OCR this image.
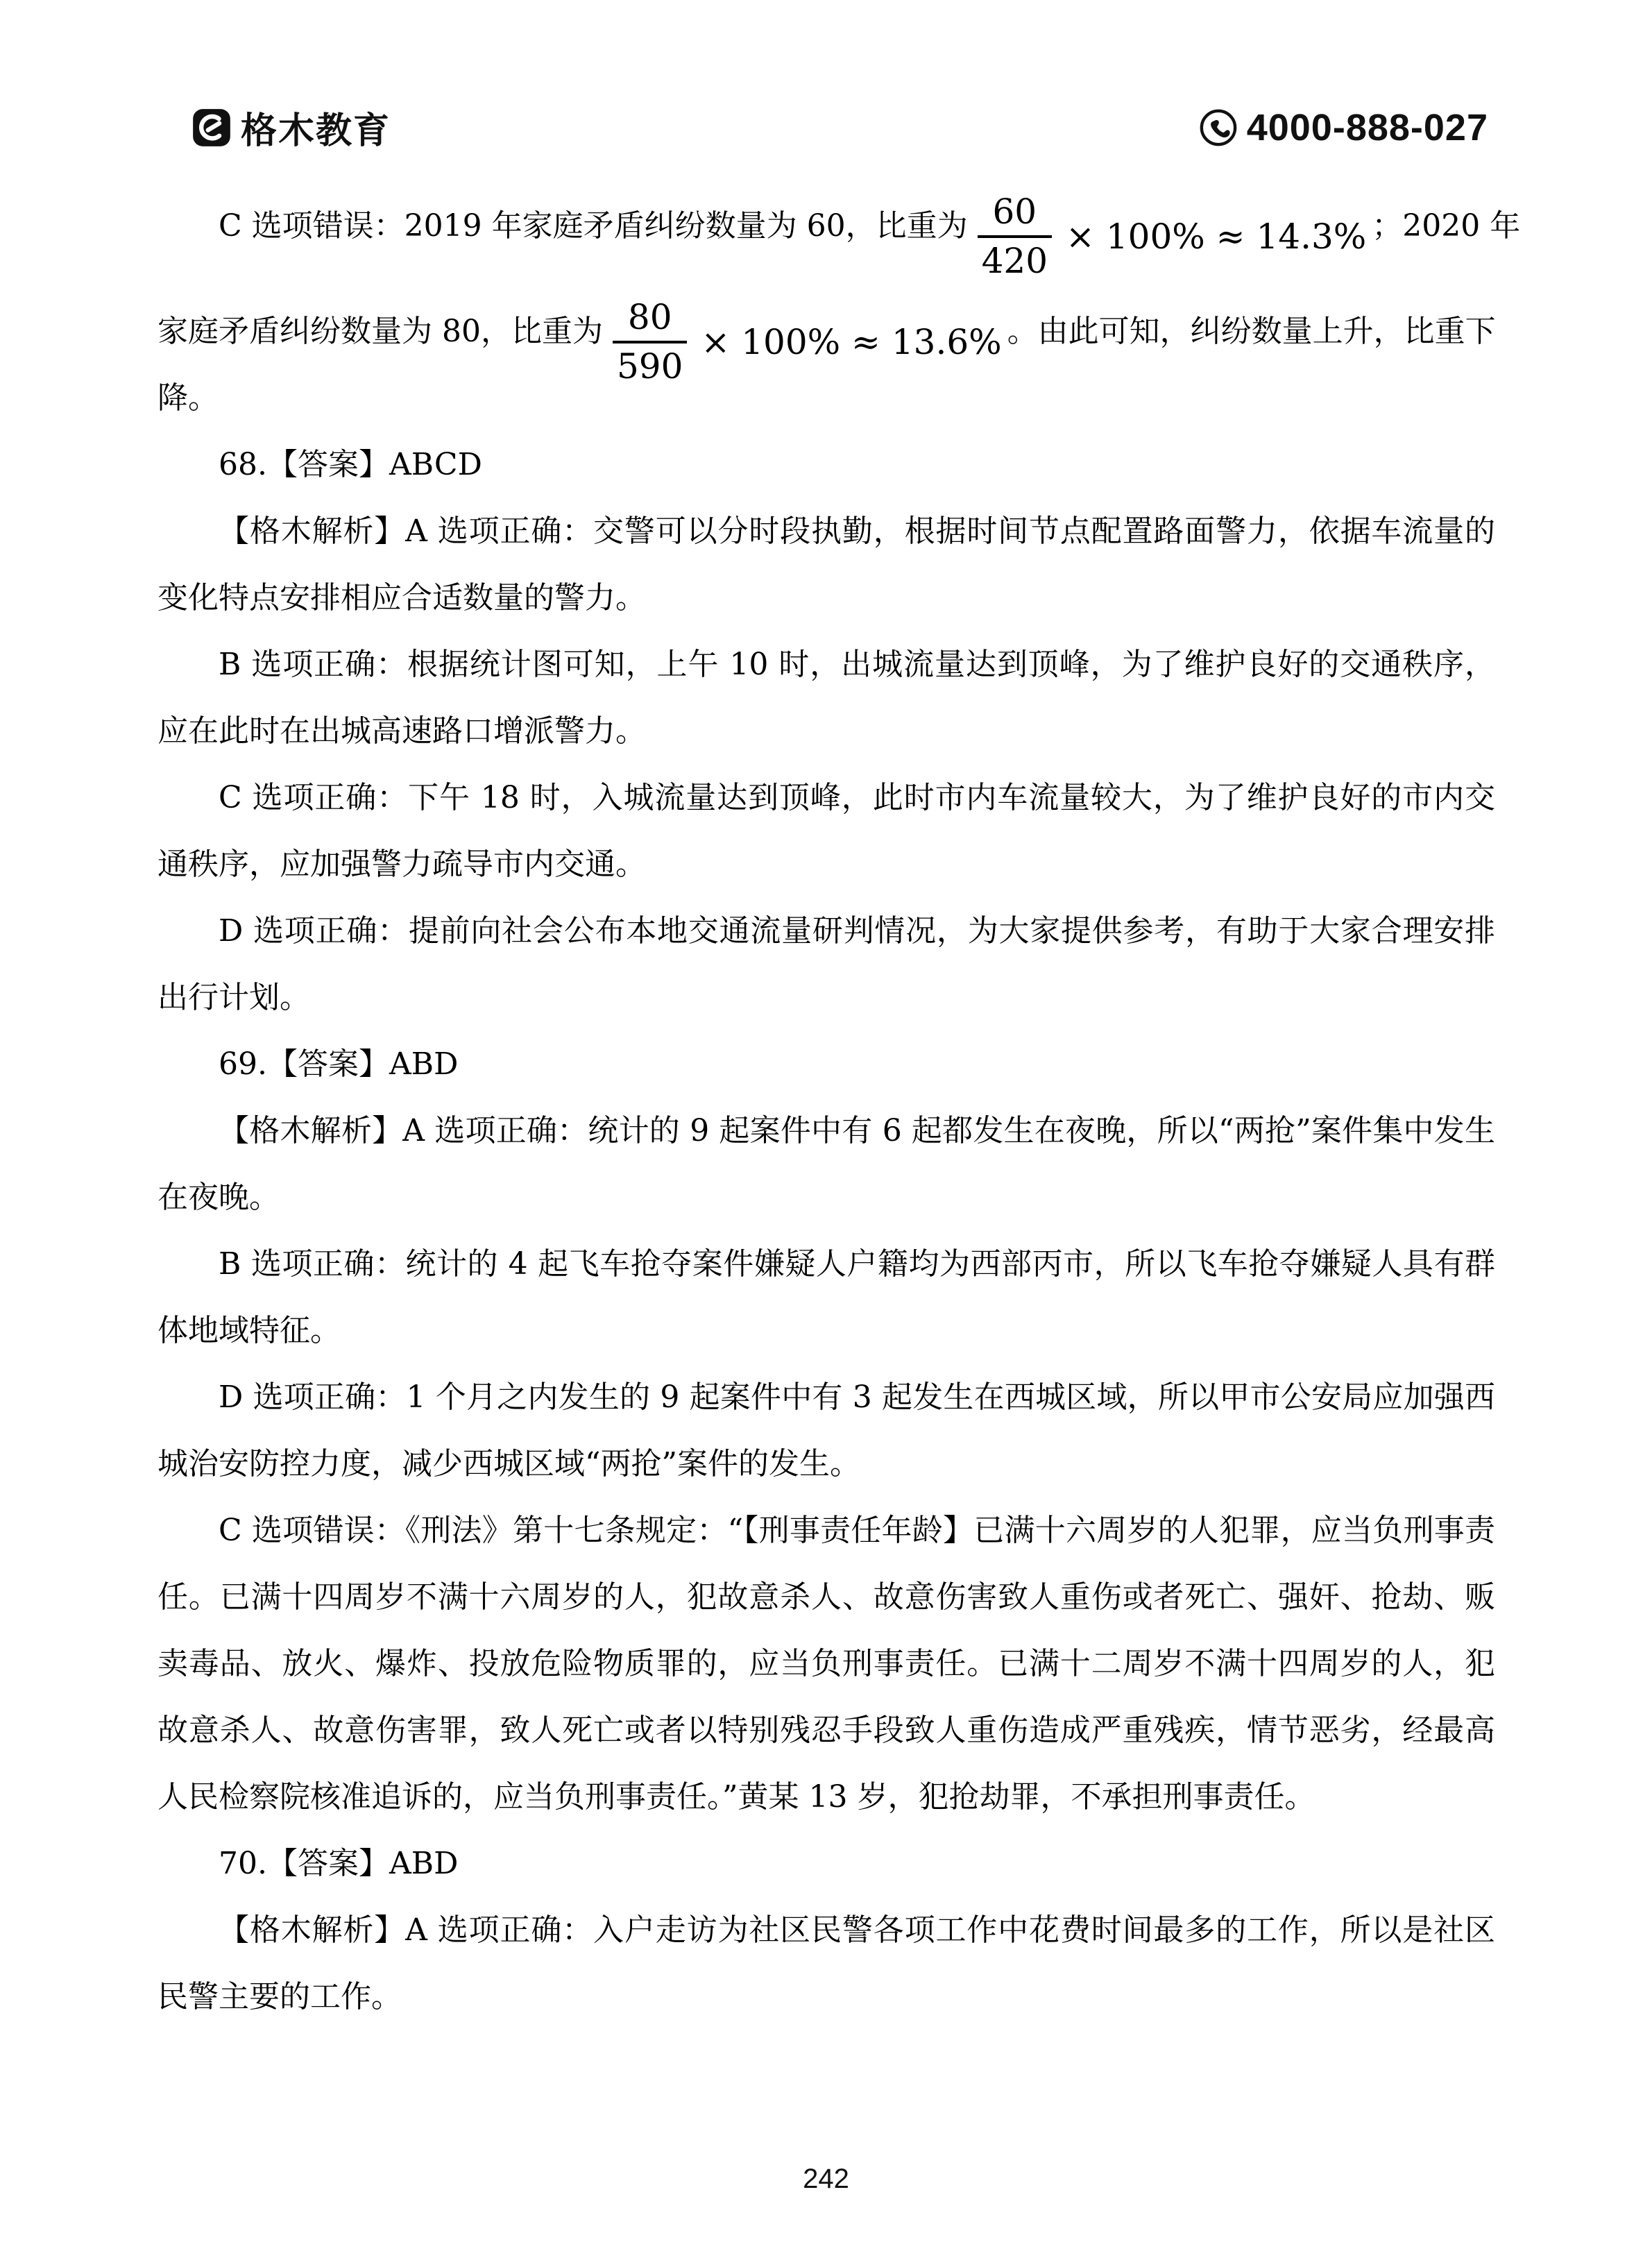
格木教育	4000-888-027
C 选项错误：2019 年家庭矛盾纠纷数量为 60，比重为 $\frac{60}{420} \times 100\% \approx 14.3\%$ ；2020 年
家庭矛盾纠纷数量为 80，比重为 $\frac{80}{590} \times 100\% \approx 13.6\%$ 。由此可知，纠纷数量上升，比重下
降。

68.【答案】ABCD

【格木解析】A 选项正确：交警可以分时段执勤，根据时间节点配置路面警力，依据车流量的变化特点安排相应合适数量的警力。

B 选项正确：根据统计图可知，上午 10 时，出城流量达到顶峰，为了维护良好的交通秩序，应在此时在出城高速路口增派警力。

C 选项正确：下午 18 时，入城流量达到顶峰，此时市内车流量较大，为了维护良好的市内交通秩序，应加强警力疏导市内交通。

D 选项正确：提前向社会公布本地交通流量研判情况，为大家提供参考，有助于大家合理安排出行计划。

69.【答案】ABD

【格木解析】A 选项正确：统计的 9 起案件中有 6 起都发生在夜晚，所以“两抢”案件集中发生在夜晚。

B 选项正确：统计的 4 起飞车抢夺案件嫌疑人户籍均为西部丙市，所以飞车抢夺嫌疑人具有群体地域特征。

D 选项正确：1 个月之内发生的 9 起案件中有 3 起发生在西城区域，所以甲市公安局应加强西城治安防控力度，减少西城区域“两抢”案件的发生。

C 选项错误：《刑法》第十七条规定：“【刑事责任年龄】已满十六周岁的人犯罪，应当负刑事责任。已满十四周岁不满十六周岁的人，犯故意杀人、故意伤害致人重伤或者死亡、强奸、抢劫、贩卖毒品、放火、爆炸、投放危险物质罪的，应当负刑事责任。已满十二周岁不满十四周岁的人，犯故意杀人、故意伤害罪，致人死亡或者以特别残忍手段致人重伤造成严重残疾，情节恶劣，经最高人民检察院核准追诉的，应当负刑事责任。”黄某 13 岁，犯抢劫罪，不承担刑事责任。

70.【答案】ABD

【格木解析】A 选项正确：入户走访为社区民警各项工作中花费时间最多的工作，所以是社区民警主要的工作。

242
